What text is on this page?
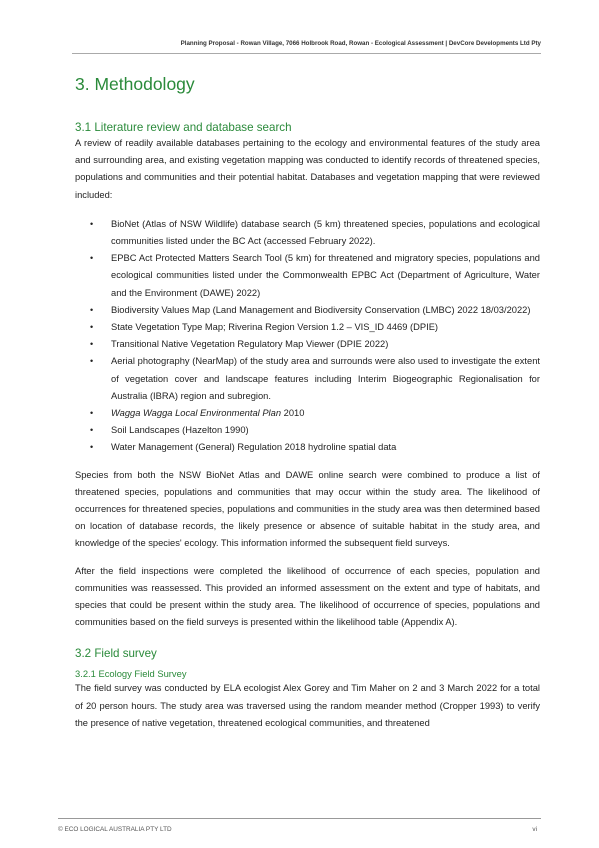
Planning Proposal - Rowan Village, 7066 Holbrook Road, Rowan - Ecological Assessment | DevCore Developments Ltd Pty
3. Methodology
3.1 Literature review and database search

A review of readily available databases pertaining to the ecology and environmental features of the study area and surrounding area, and existing vegetation mapping was conducted to identify records of threatened species, populations and communities and their potential habitat. Databases and vegetation mapping that were reviewed included:

• BioNet (Atlas of NSW Wildlife) database search (5 km) threatened species, populations and ecological communities listed under the BC Act (accessed February 2022).
• EPBC Act Protected Matters Search Tool (5 km) for threatened and migratory species, populations and ecological communities listed under the Commonwealth EPBC Act (Department of Agriculture, Water and the Environment (DAWE) 2022)
• Biodiversity Values Map (Land Management and Biodiversity Conservation (LMBC) 2022 18/03/2022)
• State Vegetation Type Map; Riverina Region Version 1.2 – VIS_ID 4469 (DPIE)
• Transitional Native Vegetation Regulatory Map Viewer (DPIE 2022)
• Aerial photography (NearMap) of the study area and surrounds were also used to investigate the extent of vegetation cover and landscape features including Interim Biogeographic Regionalisation for Australia (IBRA) region and subregion.
• Wagga Wagga Local Environmental Plan 2010
• Soil Landscapes (Hazelton 1990)
• Water Management (General) Regulation 2018 hydroline spatial data

Species from both the NSW BioNet Atlas and DAWE online search were combined to produce a list of threatened species, populations and communities that may occur within the study area. The likelihood of occurrences for threatened species, populations and communities in the study area was then determined based on location of database records, the likely presence or absence of suitable habitat in the study area, and knowledge of the species' ecology. This information informed the subsequent field surveys.

After the field inspections were completed the likelihood of occurrence of each species, population and communities was reassessed. This provided an informed assessment on the extent and type of habitats, and species that could be present within the study area. The likelihood of occurrence of species, populations and communities based on the field surveys is presented within the likelihood table (Appendix A).

3.2 Field survey
3.2.1 Ecology Field Survey

The field survey was conducted by ELA ecologist Alex Gorey and Tim Maher on 2 and 3 March 2022 for a total of 20 person hours. The study area was traversed using the random meander method (Cropper 1993) to verify the presence of native vegetation, threatened ecological communities, and threatened

© ECO LOGICAL AUSTRALIA PTY LTD	vi
